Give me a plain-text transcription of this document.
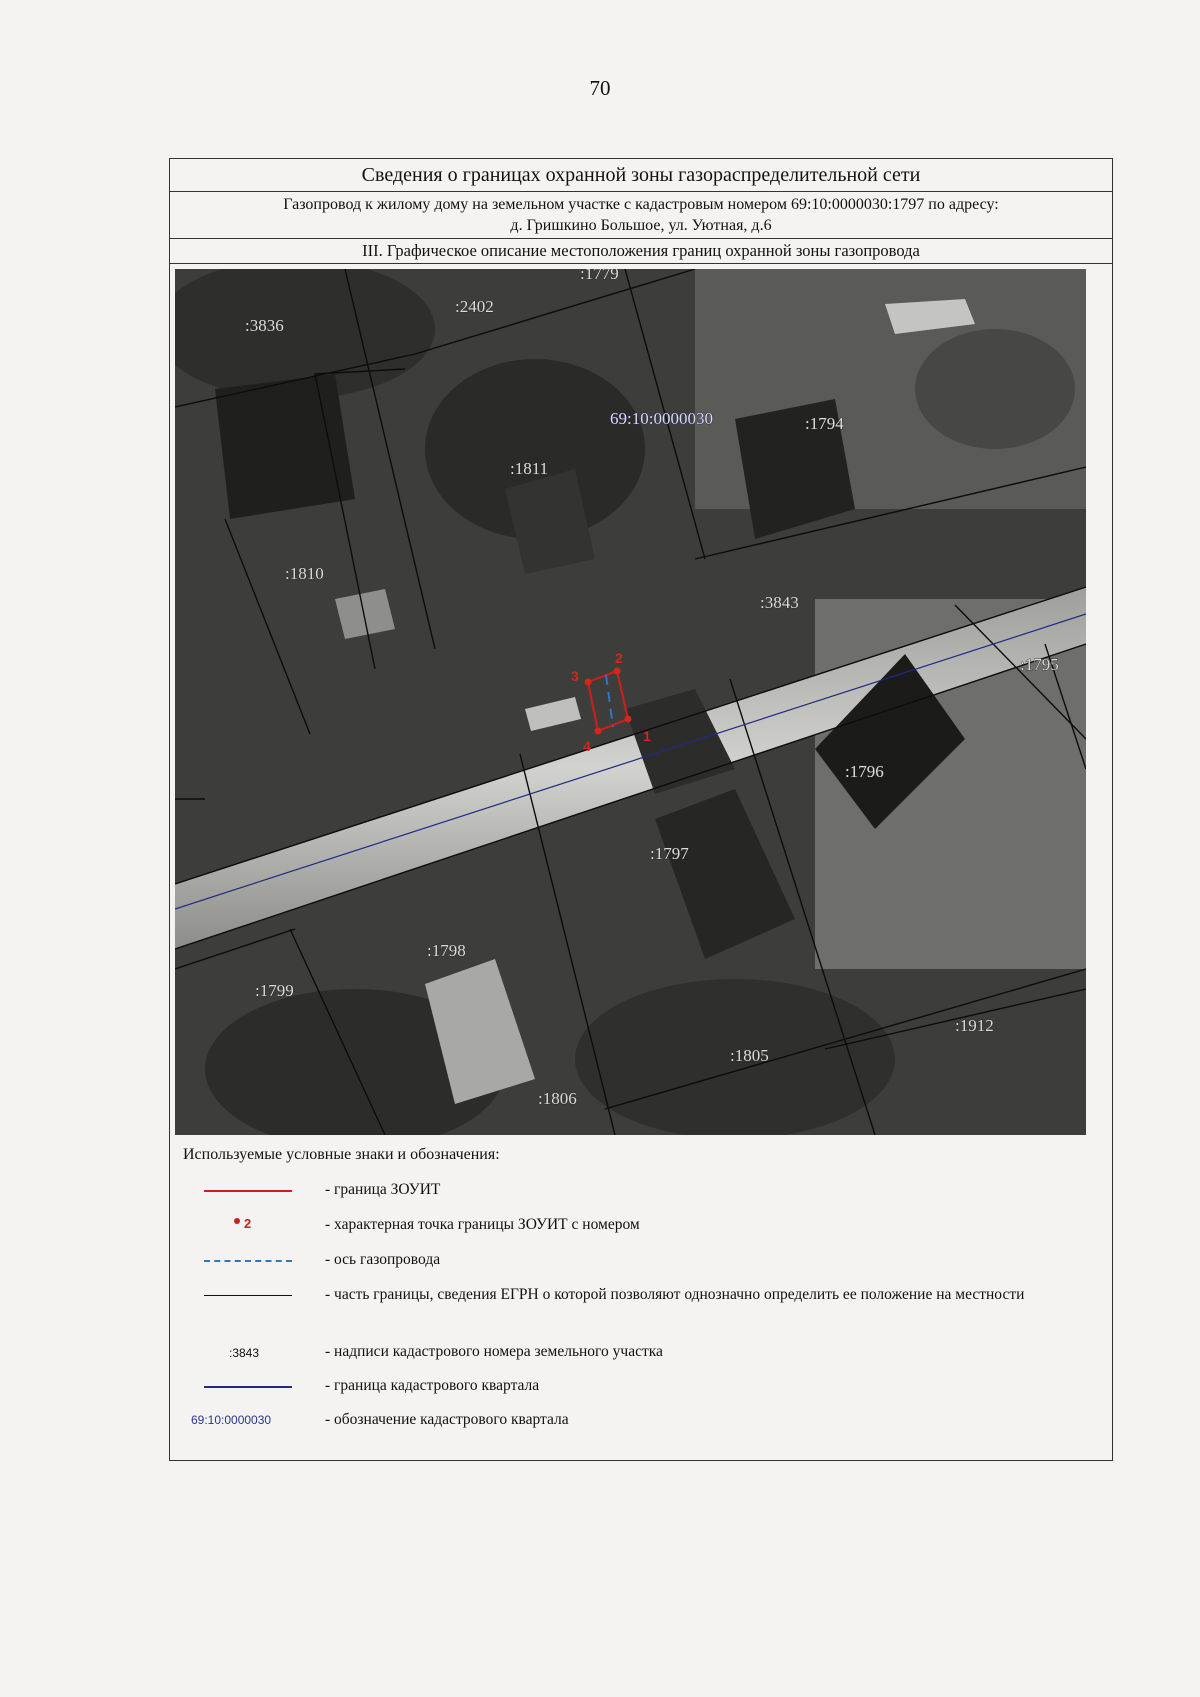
70
Сведения о границах охранной зоны газораспределительной сети
Газопровод к жилому дому на земельном участке с кадастровым номером 69:10:0000030:1797 по адресу:
д. Гришкино Большое, ул. Уютная, д.6
III. Графическое описание местоположения границ охранной зоны газопровода
1
2
3
4
69:10:0000030
:3836
:2402
:1779
:1811
:1794
:1810
:3843
:1795
:1796
:1797
:1798
:1799
:1912
:1805
:1806
Используемые условные знаки и обозначения:
- граница ЗОУИТ
2	- характерная точка границы ЗОУИТ с номером
- ось газопровода
- часть границы, сведения ЕГРН о которой позволяют однозначно определить ее положение на местности
:3843	- надписи кадастрового номера земельного участка
- граница кадастрового квартала
69:10:0000030	- обозначение кадастрового квартала
